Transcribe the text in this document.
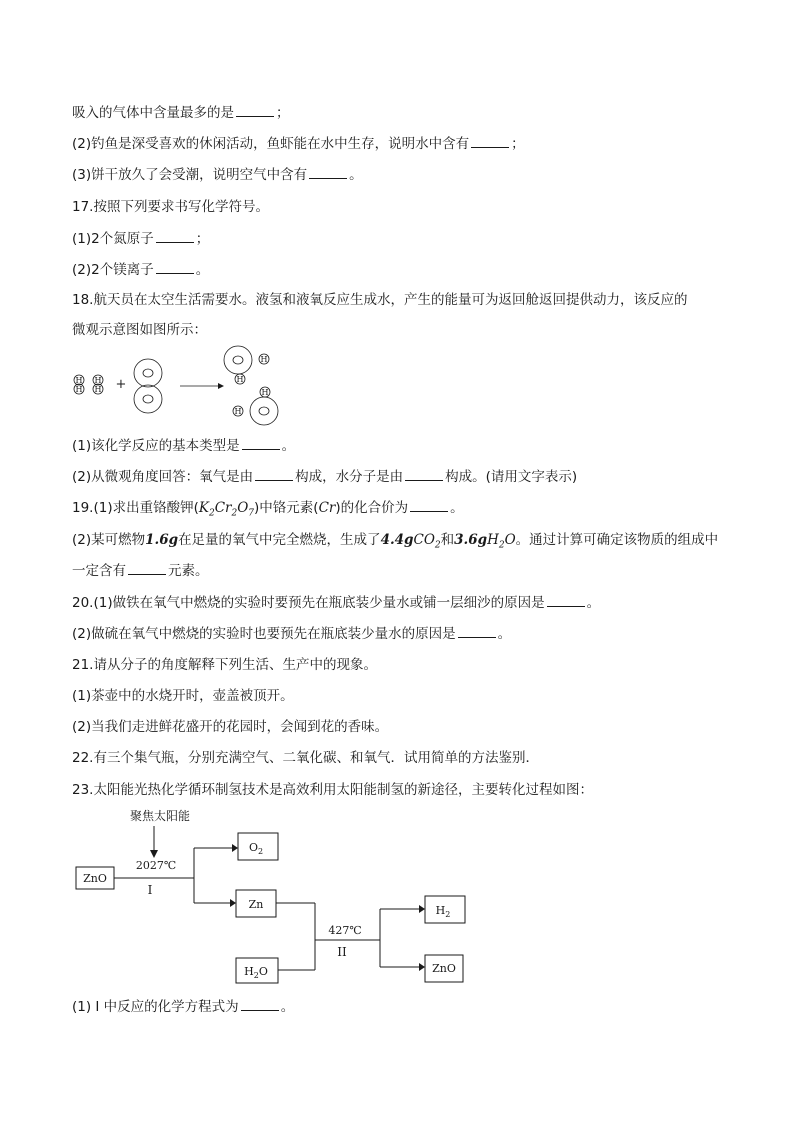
吸入的气体中含量最多的是	；
(2)钓鱼是深受喜欢的休闲活动，鱼虾能在水中生存，说明水中含有	；
(3)饼干放久了会受潮，说明空气中含有	。
17.按照下列要求书写化学符号。
(1)2个氮原子	；
(2)2个镁离子	。
18.航天员在太空生活需要水。液氢和液氧反应生成水，产生的能量可为返回舱返回提供动力，该反应的
微观示意图如图所示：
H
H
H
H +
H
H
H
H
(1)该化学反应的基本类型是	。
(2)从微观角度回答：氧气是由	构成，水分子是由	构成。(请用文字表示)
19.(1)求出重铬酸钾$(K_2Cr_2O_7)$中铬元素(Cr)的化合价为	。
(2)某可燃物1.6g在足量的氧气中完全燃烧，生成了4.4gCO$_2$和$3.6gH_2O$。通过计算可确定该物质的组成中
一定含有	元素。
20.(1)做铁在氧气中燃烧的实验时要预先在瓶底装少量水或铺一层细沙的原因是	。
(2)做硫在氧气中燃烧的实验时也要预先在瓶底装少量水的原因是	。
21.请从分子的角度解释下列生活、生产中的现象。
(1)茶壶中的水烧开时，壶盖被顶开。
(2)当我们走进鲜花盛开的花园时，会闻到花的香味。
22.有三个集气瓶，分别充满空气、二氧化碳、和氧气．试用简单的方法鉴别．
23.太阳能光热化学循环制氢技术是高效利用太阳能制氢的新途径，主要转化过程如图：
聚焦太阳能
2027℃
I
ZnO
$O_2$
Zn
$H_2O$
427℃
II
$H_2$
ZnO
(1) I 中反应的化学方程式为	。
